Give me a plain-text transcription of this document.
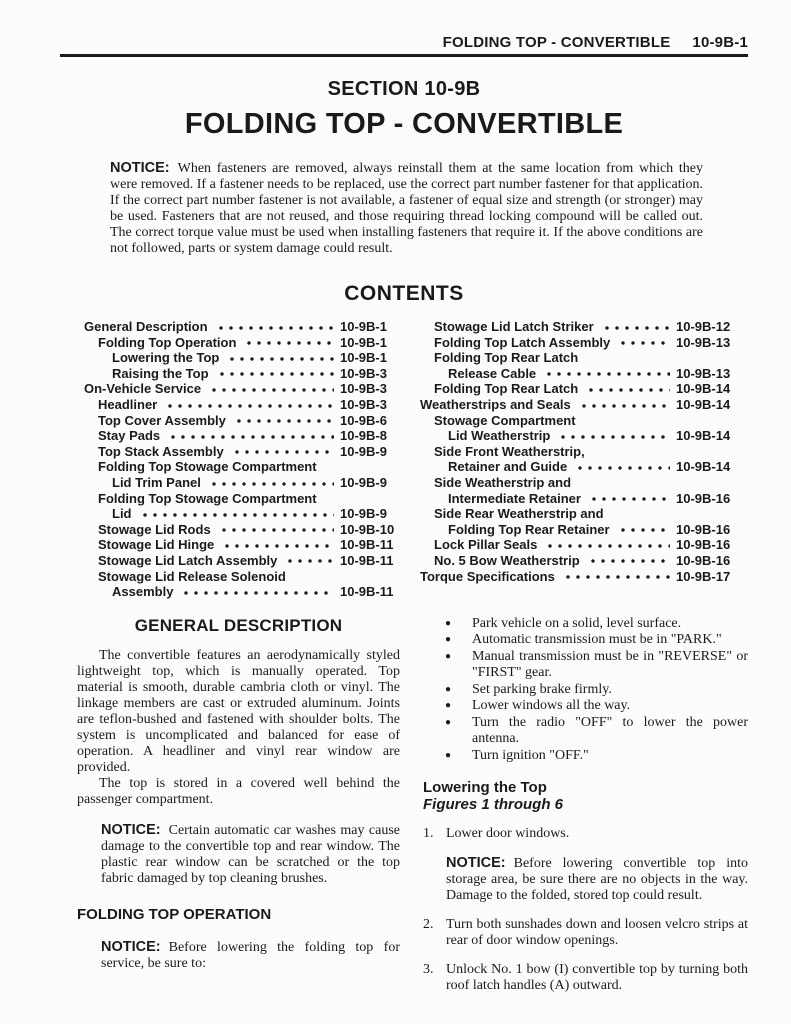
FOLDING TOP - CONVERTIBLE 10-9B-1
SECTION 10-9B
FOLDING TOP - CONVERTIBLE

NOTICE: When fasteners are removed, always reinstall them at the same location from which they were removed. If a fastener needs to be replaced, use the correct part number fastener for that application. If the correct part number fastener is not available, a fastener of equal size and strength (or stronger) may be used. Fasteners that are not reused, and those requiring thread locking compound will be called out. The correct torque value must be used when installing fasteners that require it. If the above conditions are not followed, parts or system damage could result.

CONTENTS
General Description	10-9B-1
Folding Top Operation	10-9B-1
Lowering the Top	10-9B-1
Raising the Top	10-9B-3
On-Vehicle Service	10-9B-3
Headliner	10-9B-3
Top Cover Assembly	10-9B-6
Stay Pads	10-9B-8
Top Stack Assembly	10-9B-9
Folding Top Stowage Compartment
Lid Trim Panel	10-9B-9
Folding Top Stowage Compartment
Lid	10-9B-9
Stowage Lid Rods	10-9B-10
Stowage Lid Hinge	10-9B-11
Stowage Lid Latch Assembly	10-9B-11
Stowage Lid Release Solenoid
Assembly	10-9B-11
Stowage Lid Latch Striker	10-9B-12
Folding Top Latch Assembly	10-9B-13
Folding Top Rear Latch
Release Cable	10-9B-13
Folding Top Rear Latch	10-9B-14
Weatherstrips and Seals	10-9B-14
Stowage Compartment
Lid Weatherstrip	10-9B-14
Side Front Weatherstrip,
Retainer and Guide	10-9B-14
Side Weatherstrip and
Intermediate Retainer	10-9B-16
Side Rear Weatherstrip and
Folding Top Rear Retainer	10-9B-16
Lock Pillar Seals	10-9B-16
No. 5 Bow Weatherstrip	10-9B-16
Torque Specifications	10-9B-17
GENERAL DESCRIPTION

The convertible features an aerodynamically styled lightweight top, which is manually operated. Top material is smooth, durable cambria cloth or vinyl. The linkage members are cast or extruded aluminum. Joints are teflon-bushed and fastened with shoulder bolts. The system is uncomplicated and balanced for ease of operation. A headliner and vinyl rear window are provided.

The top is stored in a covered well behind the passenger compartment.

NOTICE: Certain automatic car washes may cause damage to the convertible top and rear window. The plastic rear window can be scratched or the top fabric damaged by top cleaning brushes.

FOLDING TOP OPERATION

NOTICE: Before lowering the folding top for service, be sure to:

●	Park vehicle on a solid, level surface.
●	Automatic transmission must be in "PARK."
●	Manual transmission must be in "REVERSE" or "FIRST" gear.
●	Set parking brake firmly.
●	Lower windows all the way.
●	Turn the radio "OFF" to lower the power antenna.
●	Turn ignition "OFF."
Lowering the Top
Figures 1 through 6
1. Lower door windows.

NOTICE: Before lowering convertible top into storage area, be sure there are no objects in the way. Damage to the folded, stored top could result.

2. Turn both sunshades down and loosen velcro strips at rear of door window openings.
3. Unlock No. 1 bow (I) convertible top by turning both roof latch handles (A) outward.
